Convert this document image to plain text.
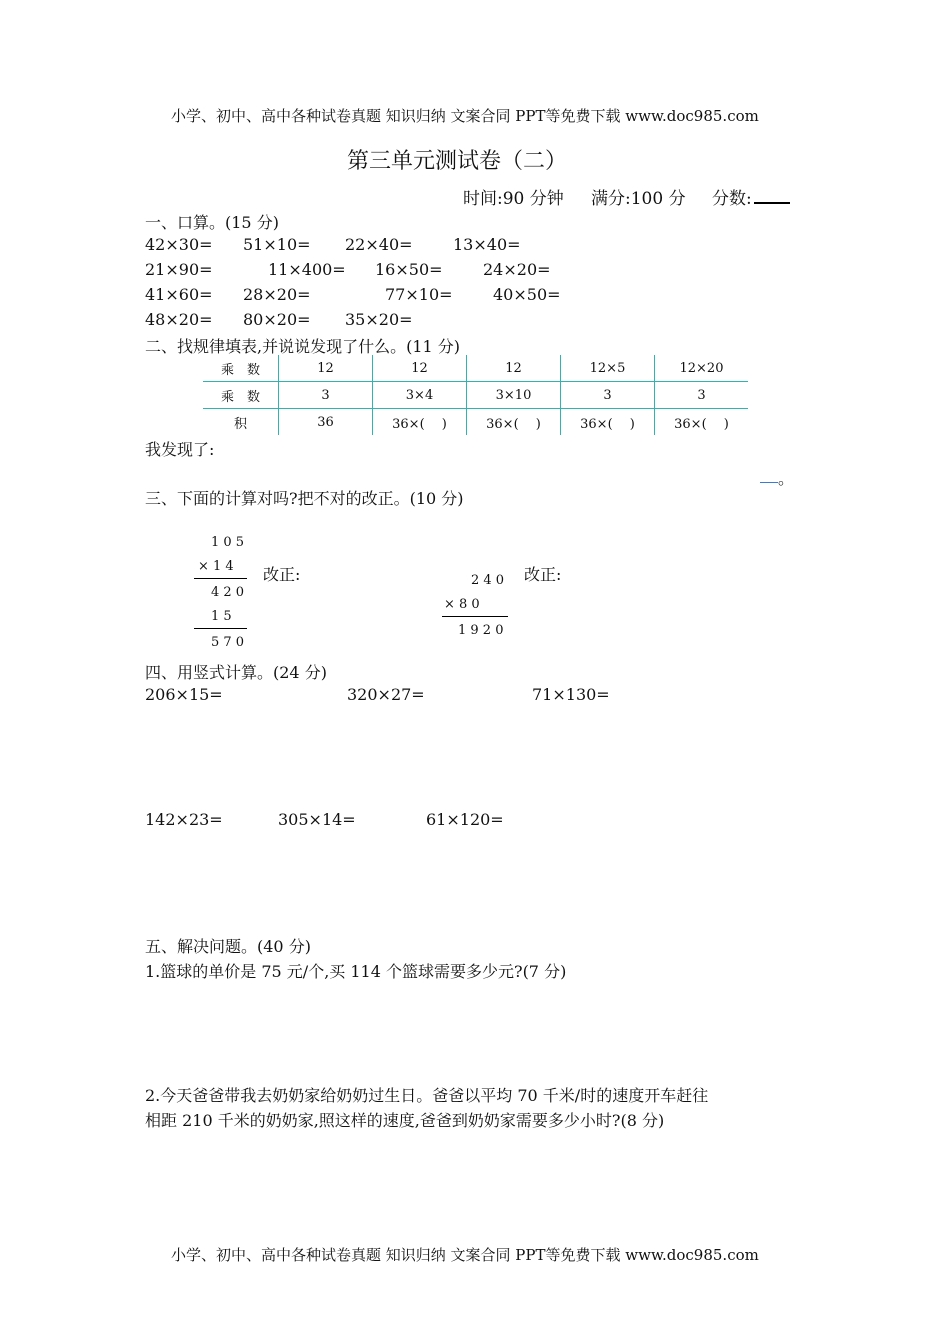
小学、初中、高中各种试卷真题 知识归纳 文案合同 PPT等免费下载 www.doc985.com
小学、初中、高中各种试卷真题 知识归纳 文案合同 PPT等免费下载 www.doc985.com
第三单元测试卷（二）
时间:90 分钟 满分:100 分 分数:
一、口算。(15 分)
42×30= 51×10= 22×40=	13×40=
21×90=	11×400= 16×50=	24×20=
41×60= 28×20=	77×10=	40×50=
48×20= 80×20= 35×20=
二、找规律填表,并说说发现了什么。(11 分)
乘　数	12	12	12	12×5	12×20
乘　数	3	3×4	3×10	3	3
积	36	36×(　 )	36×(　 )	36×(　 )	36×(　 )
我发现了:
。
三、下面的计算对吗?把不对的改正。(10 分)
1 0 5
× 1 4
4 2 0
1 5
5 7 0
改正:	2 4 0
× 8 0
1 9 2 0
改正:
四、用竖式计算。(24 分)
206×15=	320×27=	71×130=
142×23=	305×14=	61×120=
五、解决问题。(40 分)
1.篮球的单价是 75 元/个,买 114 个篮球需要多少元?(7 分)
2.今天爸爸带我去奶奶家给奶奶过生日。爸爸以平均 70 千米/时的速度开车赶往
相距 210 千米的奶奶家,照这样的速度,爸爸到奶奶家需要多少小时?(8 分)
